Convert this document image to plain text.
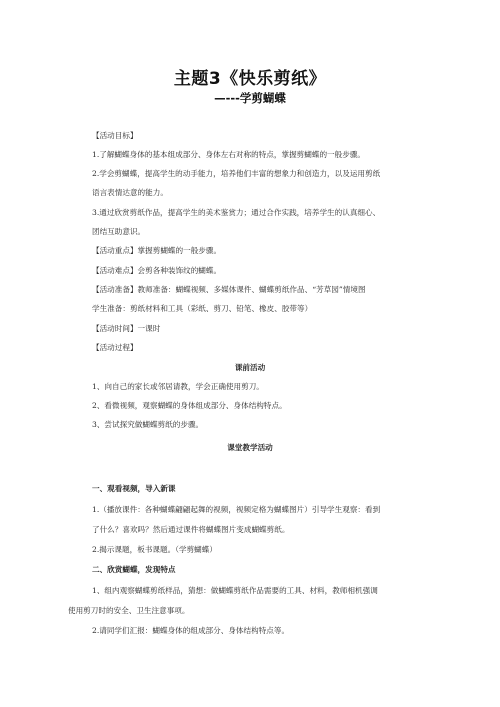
主题3《快乐剪纸》
—---学剪蝴蝶
【活动目标】
1.了解蝴蝶身体的基本组成部分、身体左右对称的特点，掌握剪蝴蝶的一般步骤。
2.学会剪蝴蝶，提高学生的动手能力，培养他们丰富的想象力和创造力，以及运用剪纸
语言表情达意的能力。
3.通过欣赏剪纸作品，提高学生的美术鉴赏力；通过合作实践，培养学生的认真细心、
团结互助意识。
【活动重点】掌握剪蝴蝶的一般步骤。
【活动难点】会剪各种装饰纹的蝴蝶。
【活动准备】教师准备：蝴蝶视频、多媒体课件、蝴蝶剪纸作品、“芳草园”情境图
学生准备：剪纸材料和工具（彩纸、剪刀、铅笔、橡皮、胶带等）
【活动时间】一课时
【活动过程】
课前活动
1、向自己的家长或邻居请教，学会正确使用剪刀。
2、看微视频，观察蝴蝶的身体组成部分、身体结构特点。
3、尝试探究做蝴蝶剪纸的步骤。
课堂教学活动
一、观看视频，导入新课
1.（播放课件：各种蝴蝶翩翩起舞的视频，视频定格为蝴蝶图片）引导学生观察：看到
了什么？喜欢吗？然后通过课件将蝴蝶图片变成蝴蝶剪纸。
2.揭示课题，板书课题。（学剪蝴蝶）
二、欣赏蝴蝶，发现特点
1、组内观察蝴蝶剪纸样品，猜想：做蝴蝶剪纸作品需要的工具、材料，教师相机强调
使用剪刀时的安全、卫生注意事项。
2.请同学们汇报：蝴蝶身体的组成部分、身体结构特点等。
